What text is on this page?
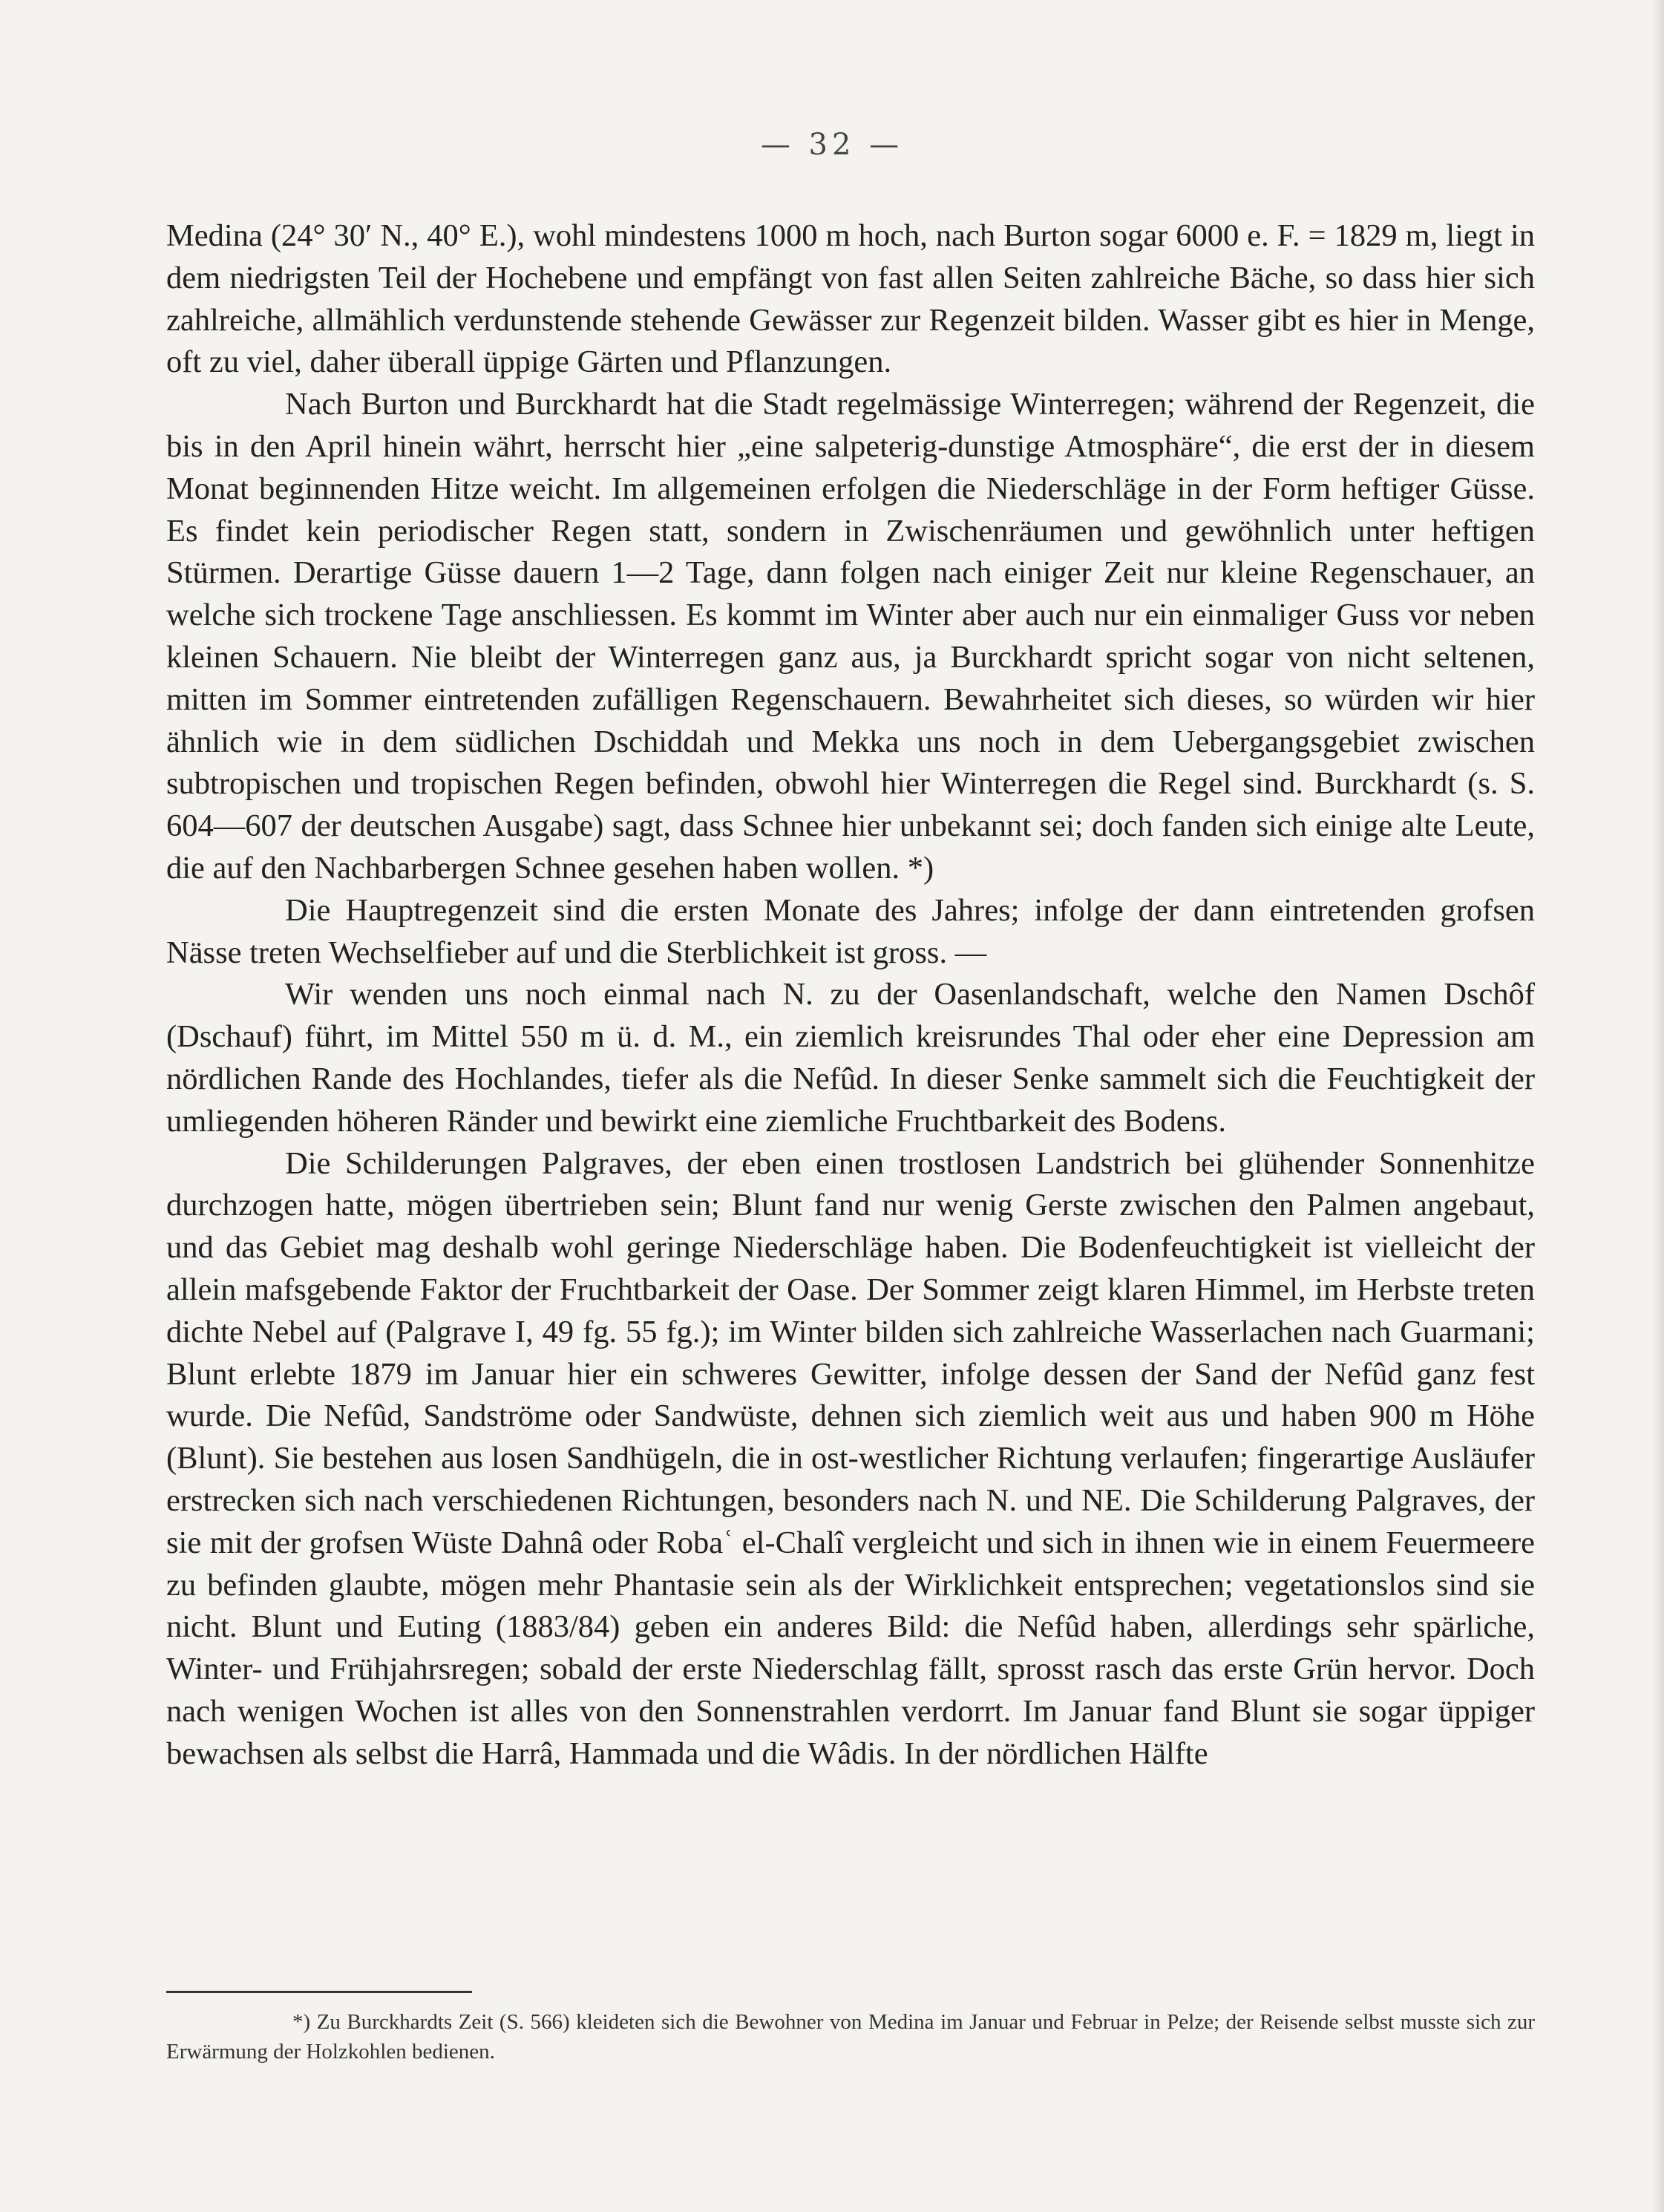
— 32 —

Medina (24° 30′ N., 40° E.), wohl mindestens 1000 m hoch, nach Burton sogar 6000 e. F. = 1829 m, liegt in dem niedrigsten Teil der Hochebene und empfängt von fast allen Seiten zahlreiche Bäche, so dass hier sich zahlreiche, allmählich verdunstende stehende Gewässer zur Regenzeit bilden. Wasser gibt es hier in Menge, oft zu viel, daher überall üppige Gärten und Pflanzungen.

Nach Burton und Burckhardt hat die Stadt regelmässige Winterregen; während der Regenzeit, die bis in den April hinein währt, herrscht hier „eine salpeterig-dunstige Atmosphäre“, die erst der in diesem Monat beginnenden Hitze weicht. Im allgemeinen erfolgen die Niederschläge in der Form heftiger Güsse. Es findet kein periodischer Regen statt, sondern in Zwischenräumen und gewöhnlich unter heftigen Stürmen. Derartige Güsse dauern 1—2 Tage, dann folgen nach einiger Zeit nur kleine Regenschauer, an welche sich trockene Tage anschliessen. Es kommt im Winter aber auch nur ein einmaliger Guss vor neben kleinen Schauern. Nie bleibt der Winterregen ganz aus, ja Burckhardt spricht sogar von nicht seltenen, mitten im Sommer eintretenden zufälligen Regenschauern. Bewahrheitet sich dieses, so würden wir hier ähnlich wie in dem südlichen Dschiddah und Mekka uns noch in dem Uebergangsgebiet zwischen subtropischen und tropischen Regen befinden, obwohl hier Winterregen die Regel sind. Burckhardt (s. S. 604—607 der deutschen Ausgabe) sagt, dass Schnee hier unbekannt sei; doch fanden sich einige alte Leute, die auf den Nachbarbergen Schnee gesehen haben wollen. *)

Die Hauptregenzeit sind die ersten Monate des Jahres; infolge der dann eintretenden grofsen Nässe treten Wechselfieber auf und die Sterblichkeit ist gross. —

Wir wenden uns noch einmal nach N. zu der Oasenlandschaft, welche den Namen Dschôf (Dschauf) führt, im Mittel 550 m ü. d. M., ein ziemlich kreisrundes Thal oder eher eine Depression am nördlichen Rande des Hochlandes, tiefer als die Nefûd. In dieser Senke sammelt sich die Feuchtigkeit der umliegenden höheren Ränder und bewirkt eine ziemliche Fruchtbarkeit des Bodens.

Die Schilderungen Palgraves, der eben einen trostlosen Landstrich bei glühender Sonnenhitze durchzogen hatte, mögen übertrieben sein; Blunt fand nur wenig Gerste zwischen den Palmen angebaut, und das Gebiet mag deshalb wohl geringe Niederschläge haben. Die Bodenfeuchtigkeit ist vielleicht der allein mafsgebende Faktor der Fruchtbarkeit der Oase. Der Sommer zeigt klaren Himmel, im Herbste treten dichte Nebel auf (Palgrave I, 49 fg. 55 fg.); im Winter bilden sich zahlreiche Wasserlachen nach Guarmani; Blunt erlebte 1879 im Januar hier ein schweres Gewitter, infolge dessen der Sand der Nefûd ganz fest wurde. Die Nefûd, Sandströme oder Sandwüste, dehnen sich ziemlich weit aus und haben 900 m Höhe (Blunt). Sie bestehen aus losen Sandhügeln, die in ost-westlicher Richtung verlaufen; fingerartige Ausläufer erstrecken sich nach verschiedenen Richtungen, besonders nach N. und NE. Die Schilderung Palgraves, der sie mit der grofsen Wüste Dahnâ oder Robaʿ el-Chalî vergleicht und sich in ihnen wie in einem Feuermeere zu befinden glaubte, mögen mehr Phantasie sein als der Wirklichkeit entsprechen; vegetationslos sind sie nicht. Blunt und Euting (1883/84) geben ein anderes Bild: die Nefûd haben, allerdings sehr spärliche, Winter- und Frühjahrsregen; sobald der erste Niederschlag fällt, sprosst rasch das erste Grün hervor. Doch nach wenigen Wochen ist alles von den Sonnenstrahlen verdorrt. Im Januar fand Blunt sie sogar üppiger bewachsen als selbst die Harrâ, Hammada und die Wâdis. In der nördlichen Hälfte

*) Zu Burckhardts Zeit (S. 566) kleideten sich die Bewohner von Medina im Januar und Februar in Pelze; der Reisende selbst musste sich zur Erwärmung der Holzkohlen bedienen.
